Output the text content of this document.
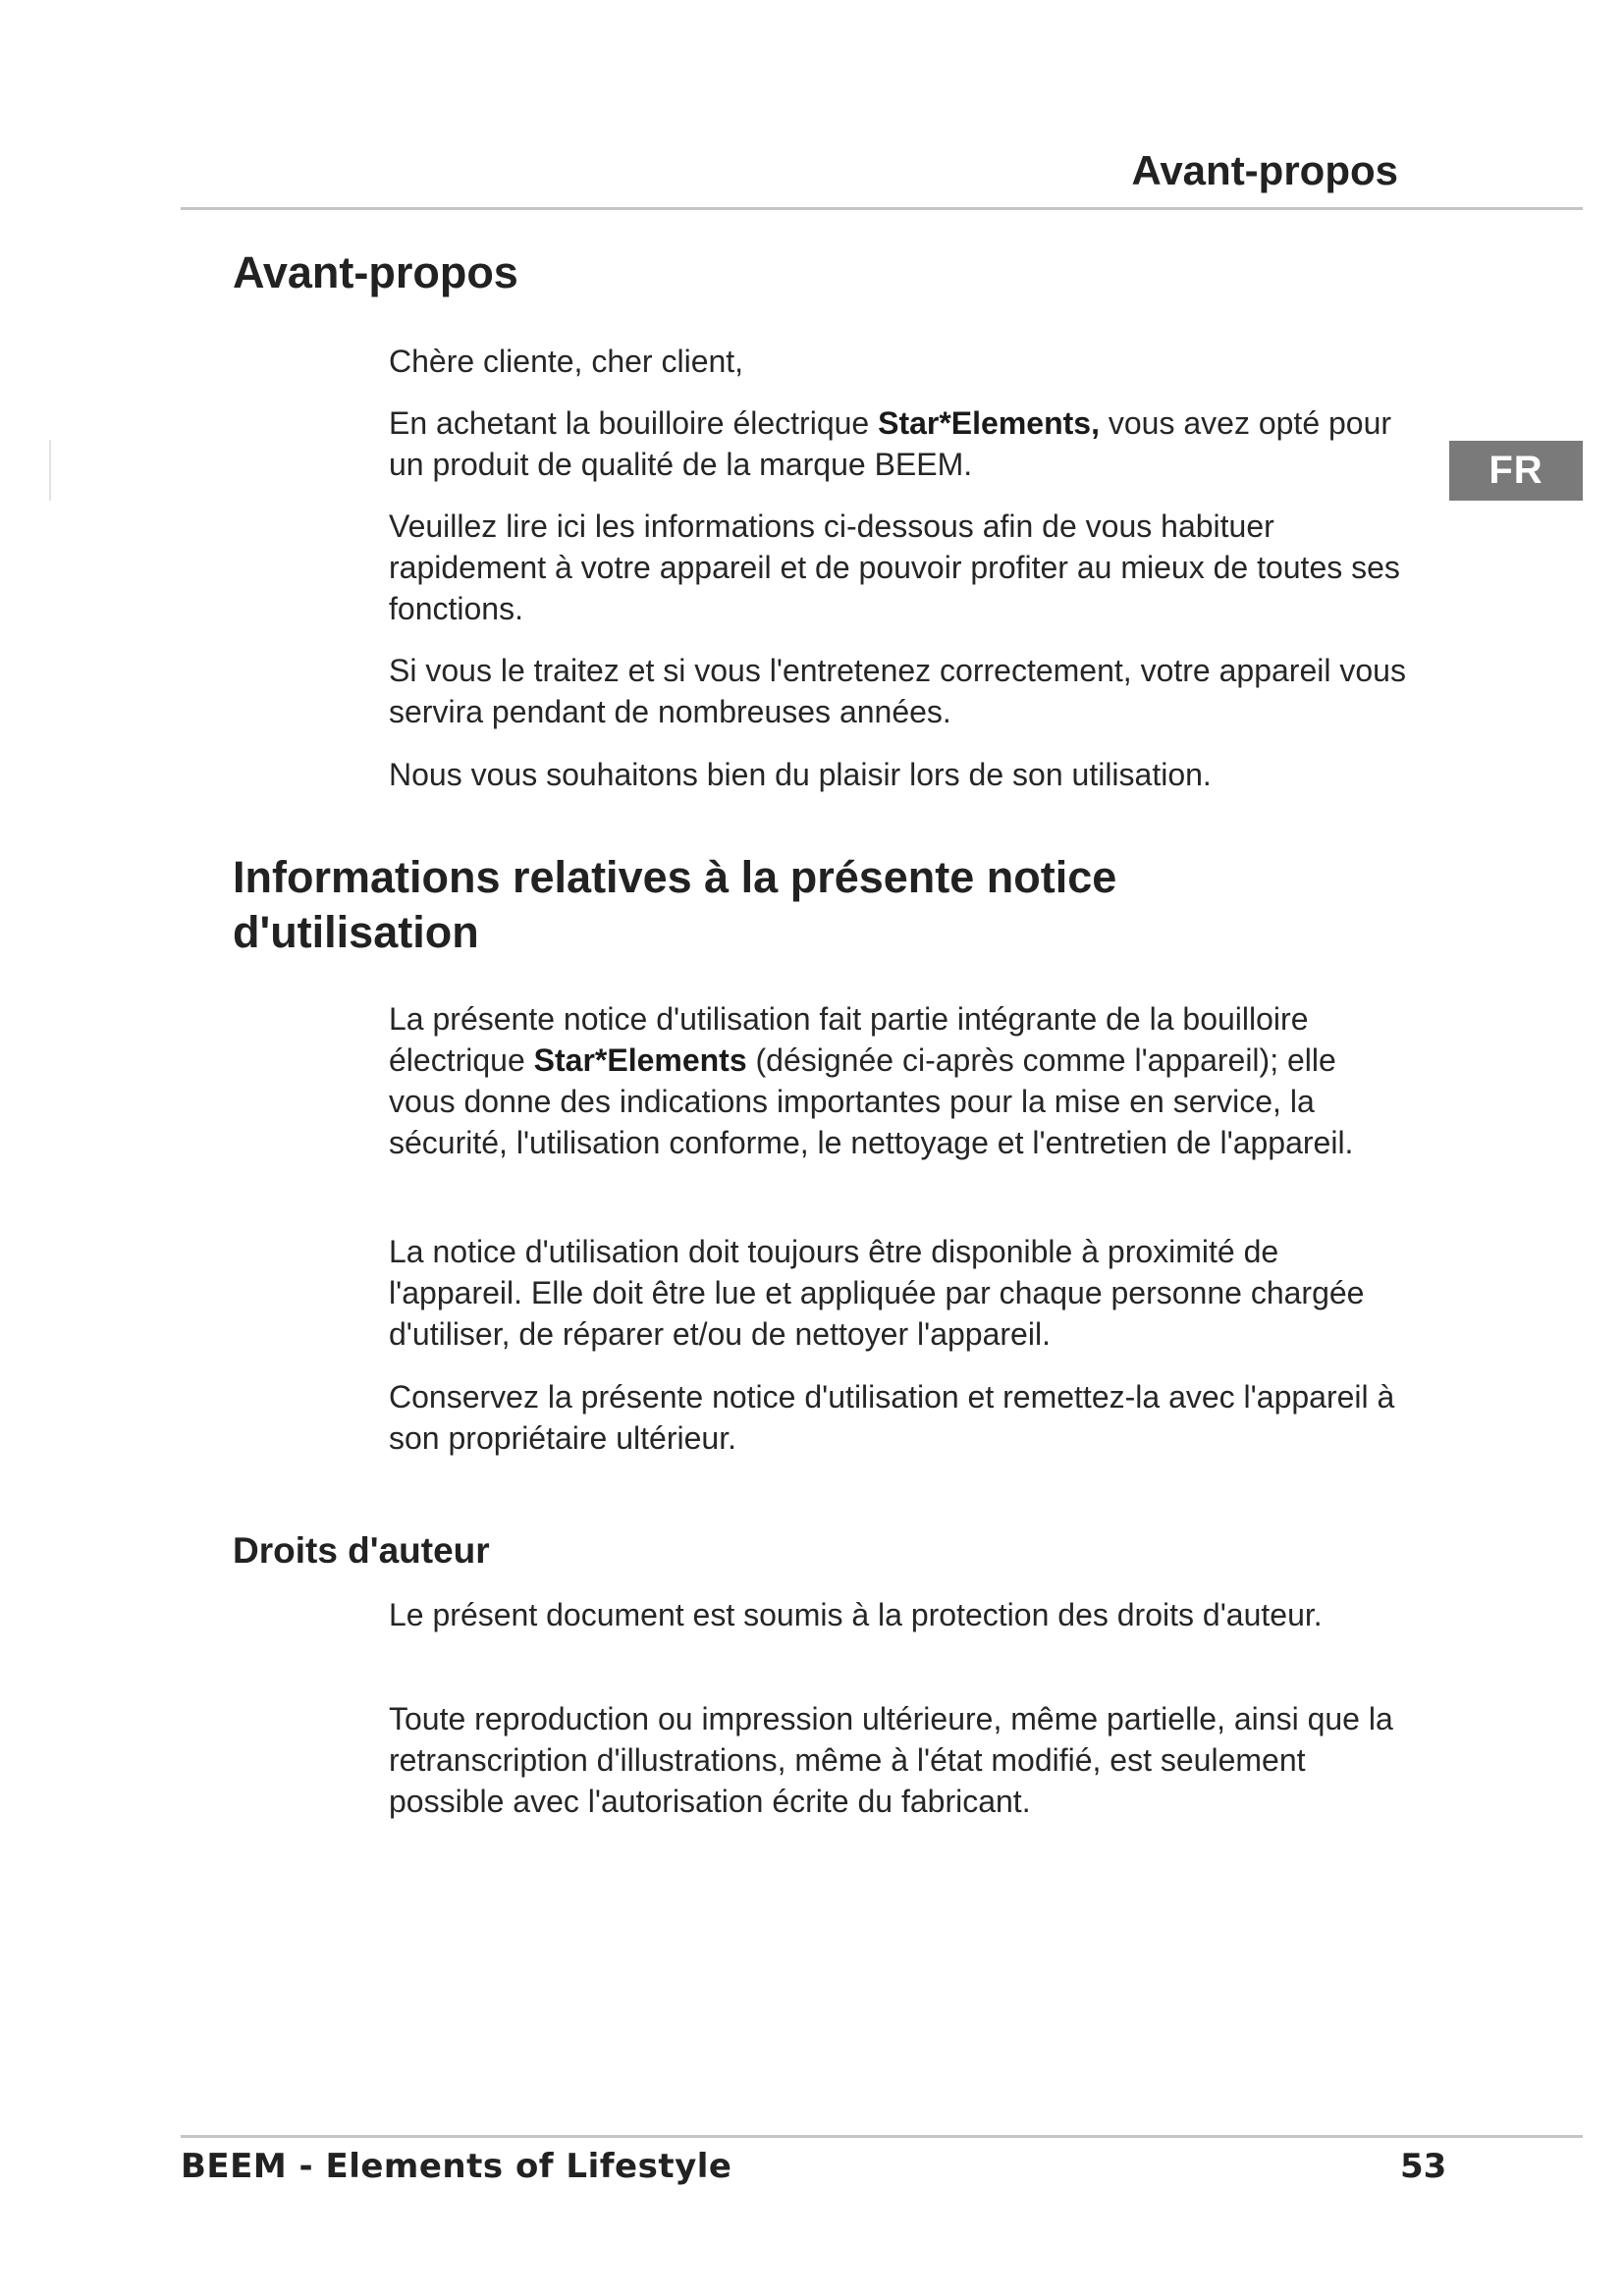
Avant-propos
FR
Avant-propos

Chère cliente, cher client,

En achetant la bouilloire électrique Star*Elements, vous avez opté pour un produit de qualité de la marque BEEM.

Veuillez lire ici les informations ci-dessous afin de vous habituer rapidement à votre appareil et de pouvoir profiter au mieux de toutes ses fonctions.

Si vous le traitez et si vous l'entretenez correctement, votre appareil vous servira pendant de nombreuses années.

Nous vous souhaitons bien du plaisir lors de son utilisation.

Informations relatives à la présente notice d'utilisation

La présente notice d'utilisation fait partie intégrante de la bouilloire électrique Star*Elements (désignée ci-après comme l'appareil); elle vous donne des indications importantes pour la mise en service, la sécurité, l'utilisation conforme, le nettoyage et l'entretien de l'appareil.

La notice d'utilisation doit toujours être disponible à proximité de l'appareil. Elle doit être lue et appliquée par chaque personne chargée d'utiliser, de réparer et/ou de nettoyer l'appareil.

Conservez la présente notice d'utilisation et remettez-la avec l'appareil à son propriétaire ultérieur.

Droits d'auteur

Le présent document est soumis à la protection des droits d'auteur.

Toute reproduction ou impression ultérieure, même partielle, ainsi que la retranscription d'illustrations, même à l'état modifié, est seulement possible avec l'autorisation écrite du fabricant.

BEEM - Elements of Lifestyle	53
